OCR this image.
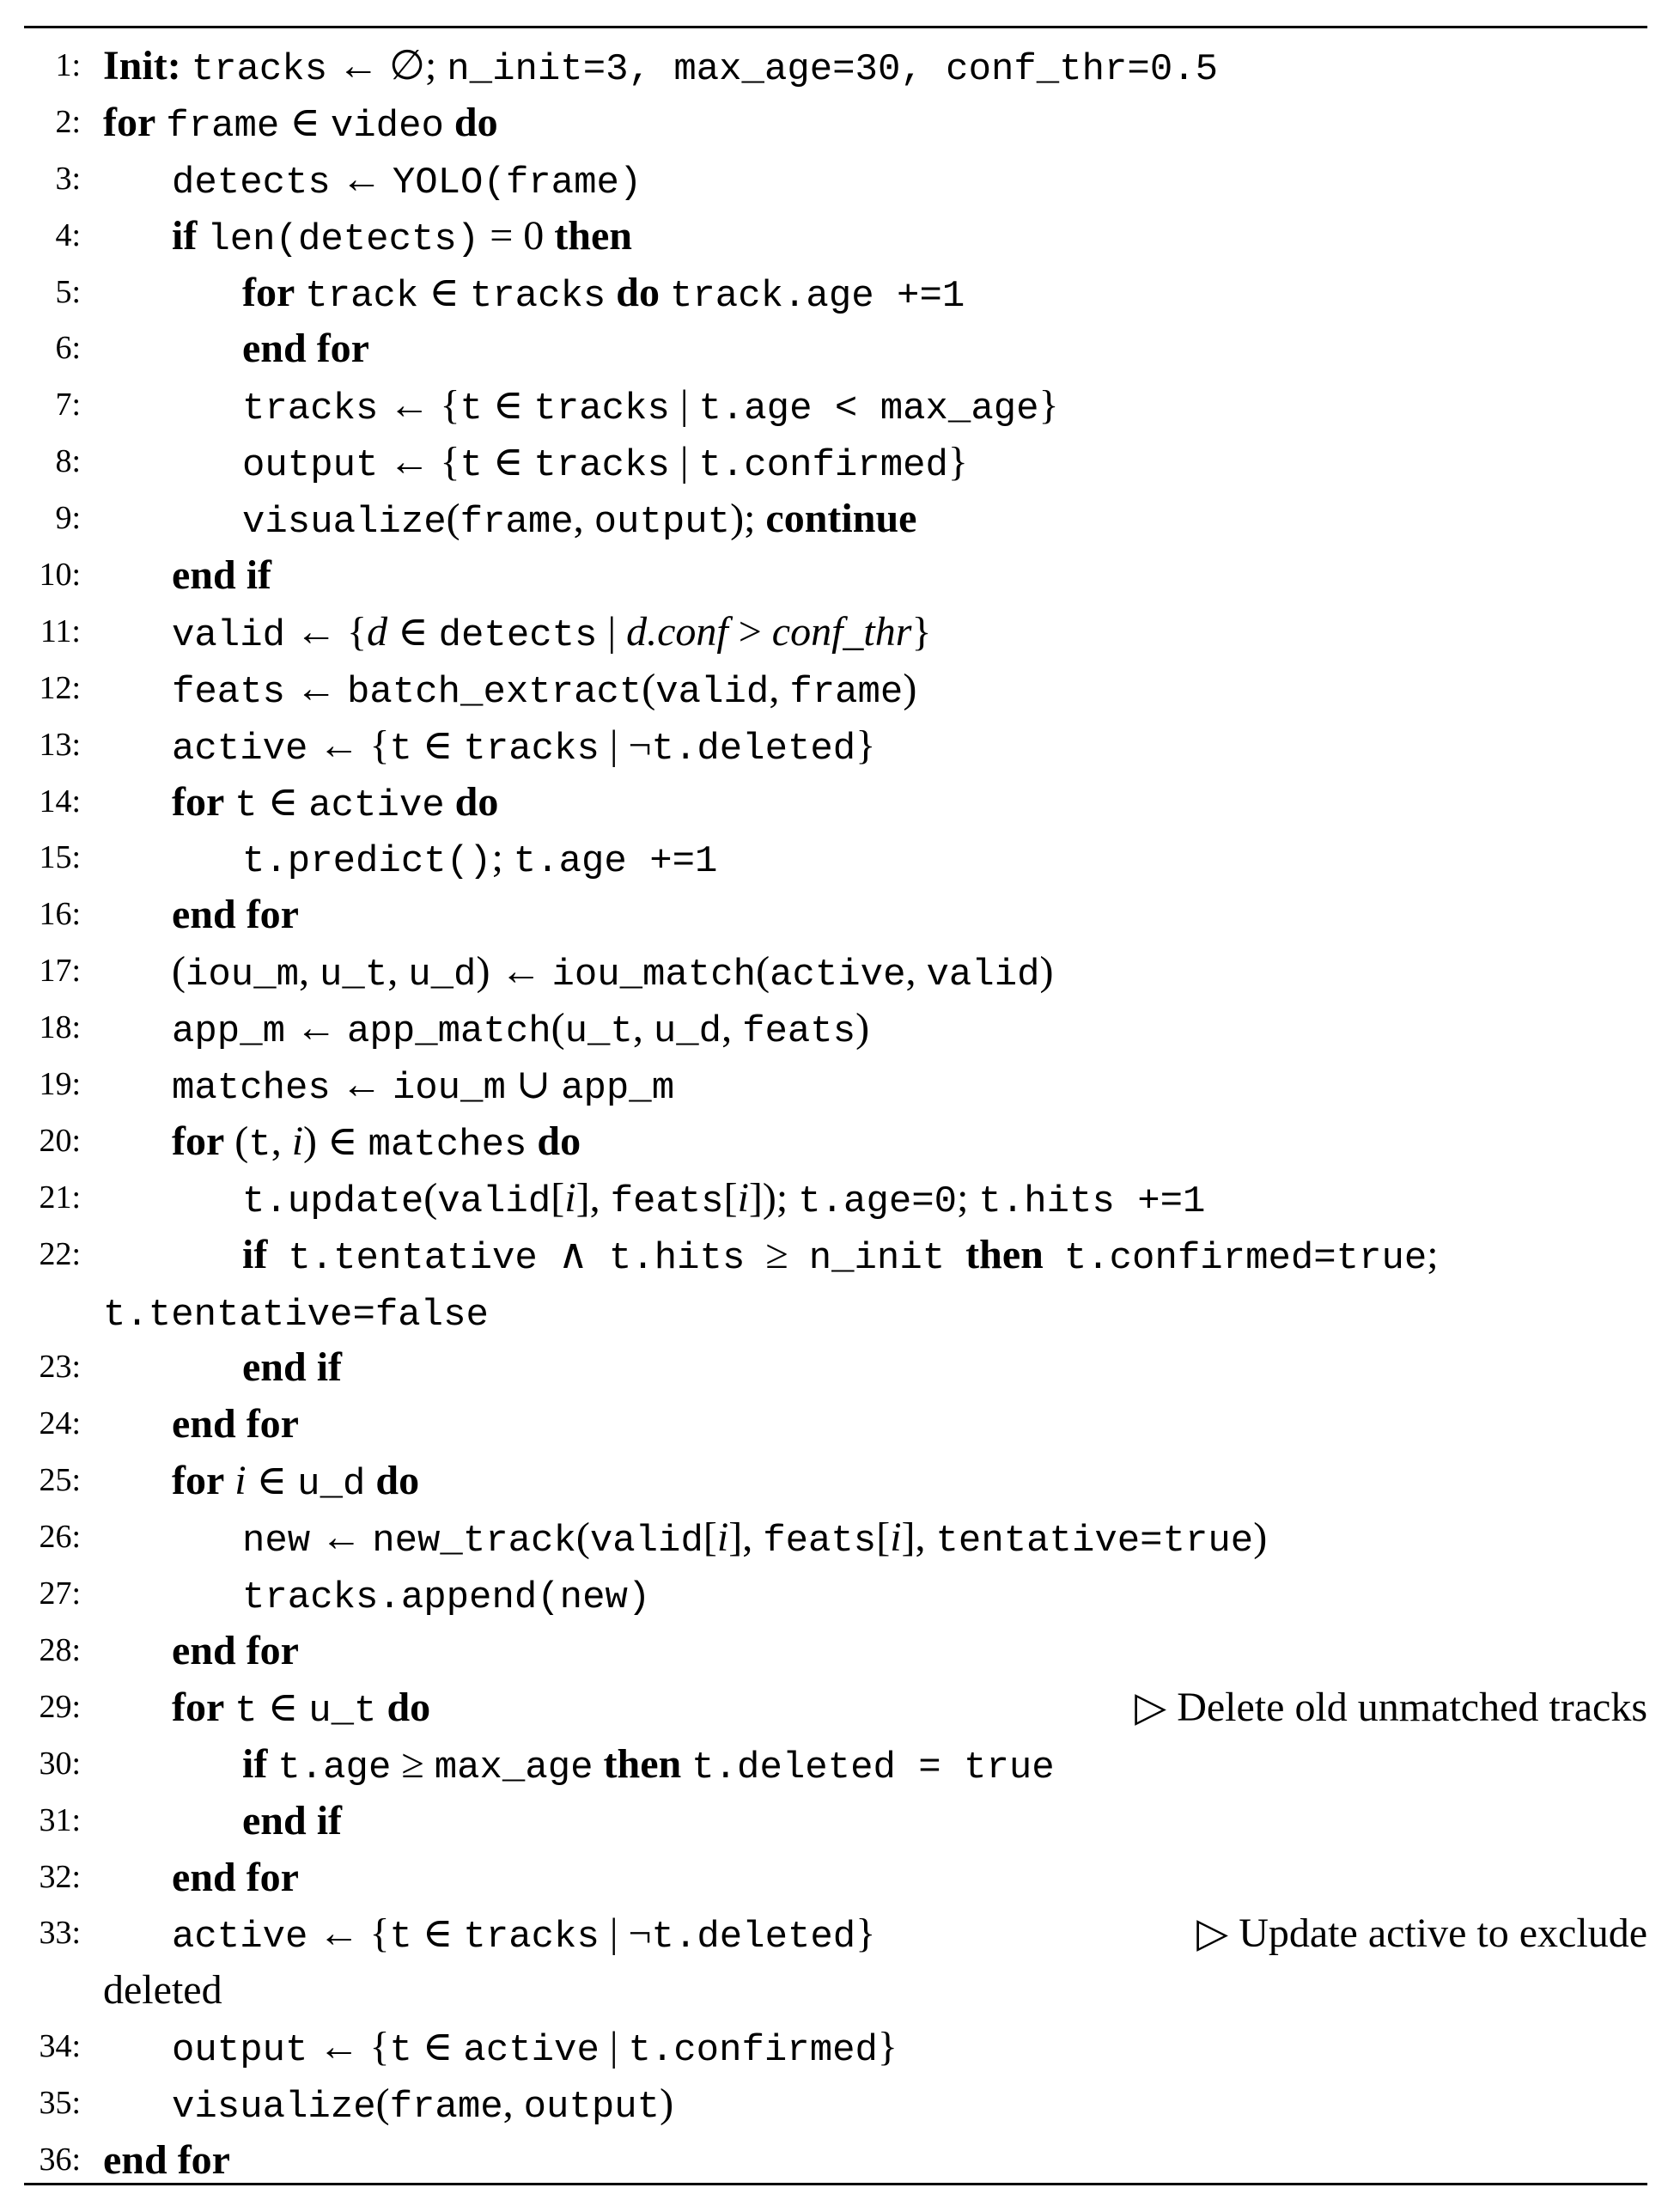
1: Init: tracks ← ∅; n_init=3, max_age=30, conf_thr=0.5
2: for frame ∈ video do
3: detects ← YOLO(frame)
4: if len(detects) = 0 then
5:	for track ∈ tracks do track.age +=1
6:	end for
7:	tracks ← {t ∈ tracks | t.age < max_age}
8:	output ← {t ∈ tracks | t.confirmed}
9:	visualize(frame, output); continue
10: end if
11: valid ← {d ∈ detects | d.conf > conf_thr}
12: feats ← batch_extract(valid, frame)
13: active ← {t ∈ tracks | ¬t.deleted}
14: for t ∈ active do
15:	t.predict(); t.age +=1
16: end for
17: (iou_m, u_t, u_d) ← iou_match(active, valid)
18: app_m ← app_match(u_t, u_d, feats)
19: matches ← iou_m ∪ app_m
20: for (t, i) ∈ matches do
21:	t.update(valid[i], feats[i]); t.age=0; t.hits +=1
22:	if t.tentative  ∧  t.hits  ≥  n_init then t.confirmed=true;
t.tentative=false
23:	end if
24: end for
25: for i ∈ u_d do
26:	new ← new_track(valid[i], feats[i], tentative=true)
27:	tracks.append(new)
28: end for
29: for t ∈ u_t do	▷ Delete old unmatched tracks
30:	if t.age ≥ max_age then t.deleted = true
31:	end if
32: end for
33: active ← {t ∈ tracks | ¬t.deleted}	▷ Update active to exclude
deleted
34: output ← {t ∈ active | t.confirmed}
35: visualize(frame, output)
36: end for
